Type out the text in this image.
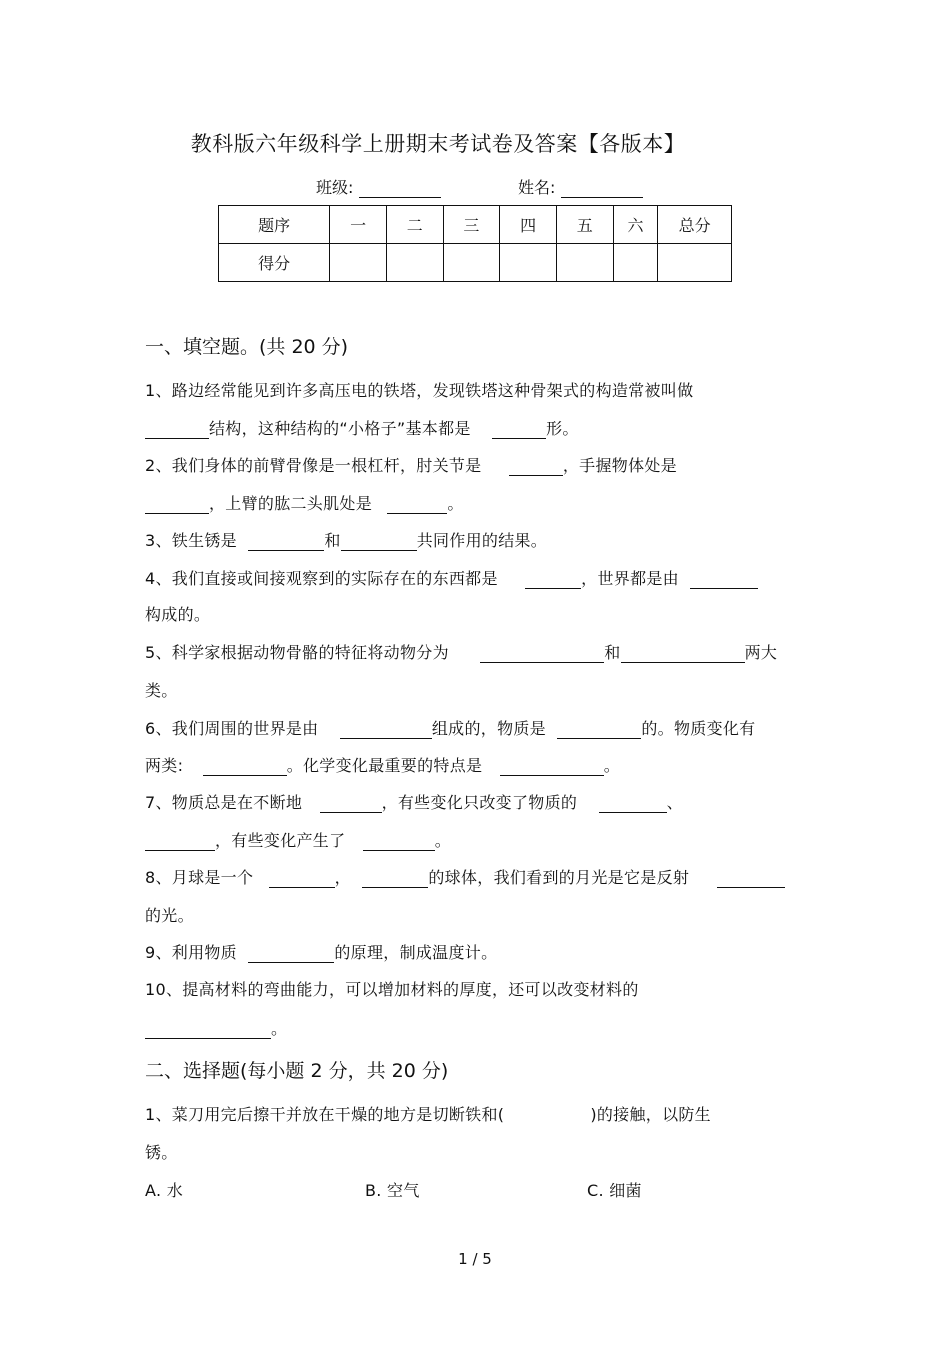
教科版六年级科学上册期末考试卷及答案【各版本】
班级:	姓名:
题序	一	二	三	四	五	六	总分
得分							
一、填空题。(共 20 分)
1、路边经常能见到许多高压电的铁塔，发现铁塔这种骨架式的构造常被叫做
结构，这种结构的“小格子”基本都是	形。
2、我们身体的前臂骨像是一根杠杆，肘关节是	，手握物体处是
，上臂的肱二头肌处是	。
3、铁生锈是	和	共同作用的结果。
4、我们直接或间接观察到的实际存在的东西都是	，世界都是由
构成的。
5、科学家根据动物骨骼的特征将动物分为	和	两大
类。
6、我们周围的世界是由	组成的，物质是	的。物质变化有
两类:	。化学变化最重要的特点是	。
7、物质总是在不断地	，有些变化只改变了物质的	、
，有些变化产生了	。
8、月球是一个	，	的球体，我们看到的月光是它是反射
的光。
9、利用物质	的原理，制成温度计。
10、提高材料的弯曲能力，可以增加材料的厚度，还可以改变材料的
。
二、选择题(每小题 2 分，共 20 分)
1、菜刀用完后擦干并放在干燥的地方是切断铁和(	)的接触，以防生
锈。
A. 水	B. 空气	C. 细菌
1 / 5
